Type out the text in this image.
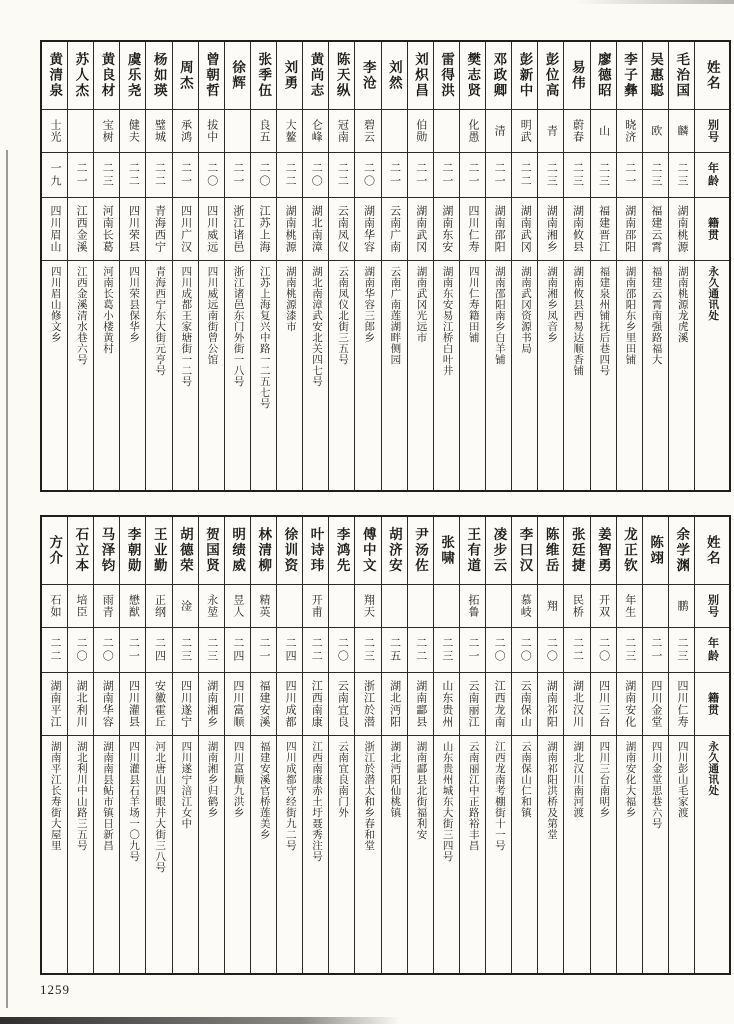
姓名
别号
年龄
籍贯
永久通讯处
毛治国
麟
二三
湖南桃源
湖南桃源龙虎溪
吴惠聪
欧
二三
福建云霄
福建云霄南强路福大
李子彝
晓济
二一
湖南邵阳
湖南邵阳东乡里田铺
廖德昭
山
二三
福建晋江
福建泉州铺抚后巷四号
易伟
蔚春
二三
湖南攸县
湖南攸县西易达顺香铺
彭位高
青
二三
湖南湘乡
湖南湘乡凤音乡
彭新中
明武
二二
湖南武冈
湖南武冈资源书局
邓政卿
清
二一
湖南邵阳
湖南邵阳南乡白羊铺
樊志贤
化愚
二一
四川仁寿
四川仁寿籍田铺
雷得洪
二一
湖南东安
湖南东安易江桥白叶井
刘炽昌
伯勋
二一
湖南武冈
湖南武冈光远市
刘然
二一
云南广南
云南广南莲湖畔侧园
李沧
碧云
二〇
湖南华容
湖南华容三郎乡
陈天纵
冠南
二二
云南凤仪
云南凤仪北街三五号
黄尚志
仑峰
二〇
湖北南漳
湖北南漳武安北关四七号
刘勇
大鳌
二二
湖南桃源
湖南桃源漆市
张季伍
良五
二〇
江苏上海
江苏上海复兴中路一二五七号
徐辉
二一
浙江诸邑
浙江诸邑东门外街一八号
曾朝哲
拔中
二〇
四川威远
四川威远南街曾公馆
周杰
承鸿
二一
四川广汉
四川成都王家塘街一二号
杨如瑛
璧城
二二
青海西宁
青海西宁东大街元亨号
虞乐尧
健夫
二二
四川荣县
四川荣县保华乡
黄良材
宝树
二三
河南长葛
河南长葛小楼黄村
苏人杰
二一
江西金溪
江西金溪清水巷六号
黄清泉
士光
一九
四川眉山
四川眉山修文乡
姓名
别号
年龄
籍贯
永久通讯处
余学渊
鹏
二三
四川仁寿
四川彭山毛家渡
陈翊
二一
四川金堂
四川金堂思巷六号
龙正钦
年生
二三
湖南安化
湖南安化大福乡
姜智勇
开双
二〇
四川三台
四川三台南明乡
张廷捷
民桥
二二
湖北汉川
湖北汉川南河渡
陈维岳
翔
二〇
湖南祁阳
湖南祁阳洪桥及第堂
李曰汉
慕岐
二〇
云南保山
云南保山仁和镇
凌步云
二〇
江西龙南
江西龙南考棚街十一号
王有道
拓鲁
二一
云南丽江
云南丽江中正路裕丰昌
张啸
二三
山东贵州
山东贵州城东大街三四号
尹汤佐
二二
湖南酃县
湖南酃县北街福利安
胡济安
二五
湖北沔阳
湖北沔阳仙桃镇
傅中文
翔天
二三
浙江於潜
浙江於潜太和乡春和堂
李鸿先
二〇
云南宜良
云南宜良南门外
叶诗玮
开甫
二二
江西南康
江西南康赤土圩聂秀注号
徐训资
二四
四川成都
四川成都守经街九二号
林清柳
精英
二一
福建安溪
福建安溪官桥莲美乡
明绩威
昱人
二四
四川富顺
四川富顺九洪乡
贺国贤
永堃
二三
湖南湘乡
湖南湘乡归鹤乡
胡德荣
淦
二三
四川遂宁
四川遂宁涪江女中
王业勤
正纲
二四
安徽霍丘
河北唐山四眼井大街三八号
李朝勋
懋猷
二一
四川灌县
四川灌县石羊场一〇九号
马泽钧
雨青
二〇
湖南华容
湖南南县鲇市镇日新昌
石立本
培臣
二〇
湖北利川
湖北利川中山路三五号
方介
石如
二二
湖南平江
湖南平江长寿街大屋里
1259
